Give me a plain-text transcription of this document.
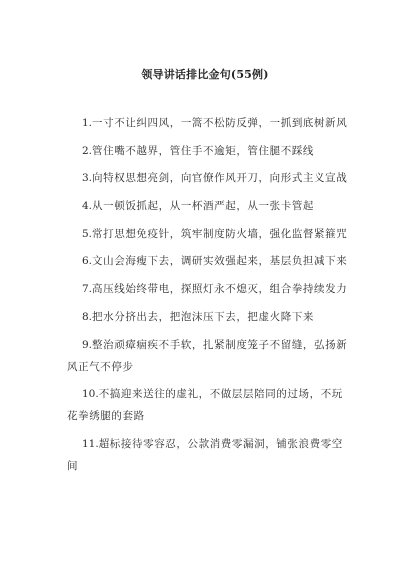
领导讲话排比金句(55例)
1.一寸不让纠四风，一篙不松防反弹，一抓到底树新风
2.管住嘴不越界，管住手不逾矩，管住腿不踩线
3.向特权思想亮剑，向官僚作风开刀，向形式主义宣战
4.从一顿饭抓起，从一杯酒严起，从一张卡管起
5.常打思想免疫针，筑牢制度防火墙，强化监督紧箍咒
6.文山会海瘦下去，调研实效强起来，基层负担减下来
7.高压线始终带电，探照灯永不熄灭，组合拳持续发力
8.把水分挤出去，把泡沫压下去，把虚火降下来
9.整治顽瘴痼疾不手软，扎紧制度笼子不留缝，弘扬新风正气不停步
10.不搞迎来送往的虚礼，不做层层陪同的过场，不玩花拳绣腿的套路
11.超标接待零容忍，公款消费零漏洞，铺张浪费零空间
